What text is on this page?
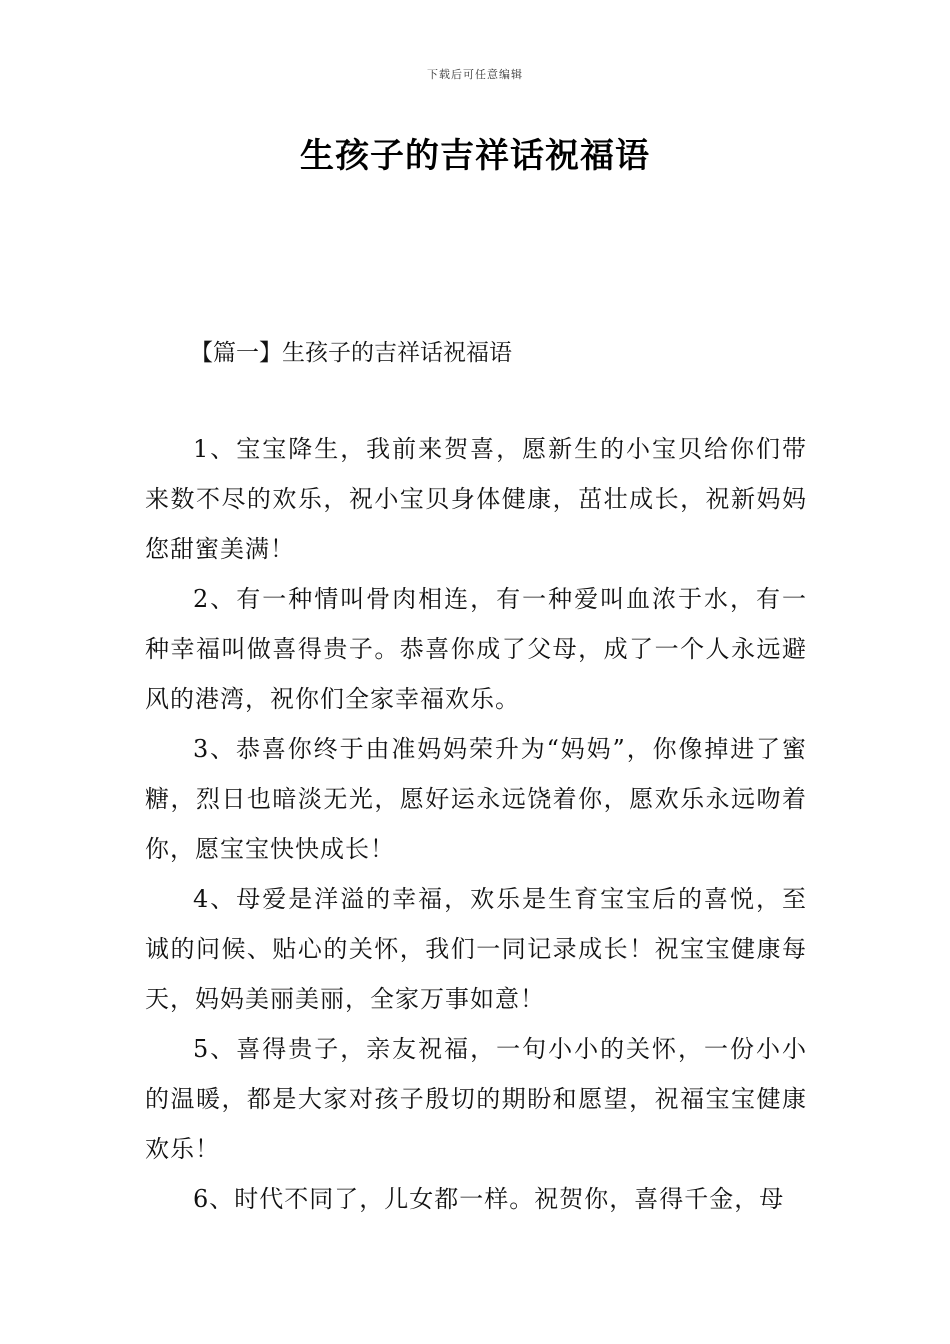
下载后可任意编辑
生孩子的吉祥话祝福语
【篇一】生孩子的吉祥话祝福语

1、宝宝降生，我前来贺喜，愿新生的小宝贝给你们带来数不尽的欢乐，祝小宝贝身体健康，茁壮成长，祝新妈妈您甜蜜美满！

2、有一种情叫骨肉相连，有一种爱叫血浓于水，有一种幸福叫做喜得贵子。恭喜你成了父母，成了一个人永远避风的港湾，祝你们全家幸福欢乐。

3、恭喜你终于由准妈妈荣升为“妈妈”，你像掉进了蜜糖，烈日也暗淡无光，愿好运永远饶着你，愿欢乐永远吻着你，愿宝宝快快成长！

4、母爱是洋溢的幸福，欢乐是生育宝宝后的喜悦，至诚的问候、贴心的关怀，我们一同记录成长！祝宝宝健康每天，妈妈美丽美丽，全家万事如意！

5、喜得贵子，亲友祝福，一句小小的关怀，一份小小的温暖，都是大家对孩子殷切的期盼和愿望，祝福宝宝健康欢乐！

6、时代不同了，儿女都一样。祝贺你，喜得千金，母
